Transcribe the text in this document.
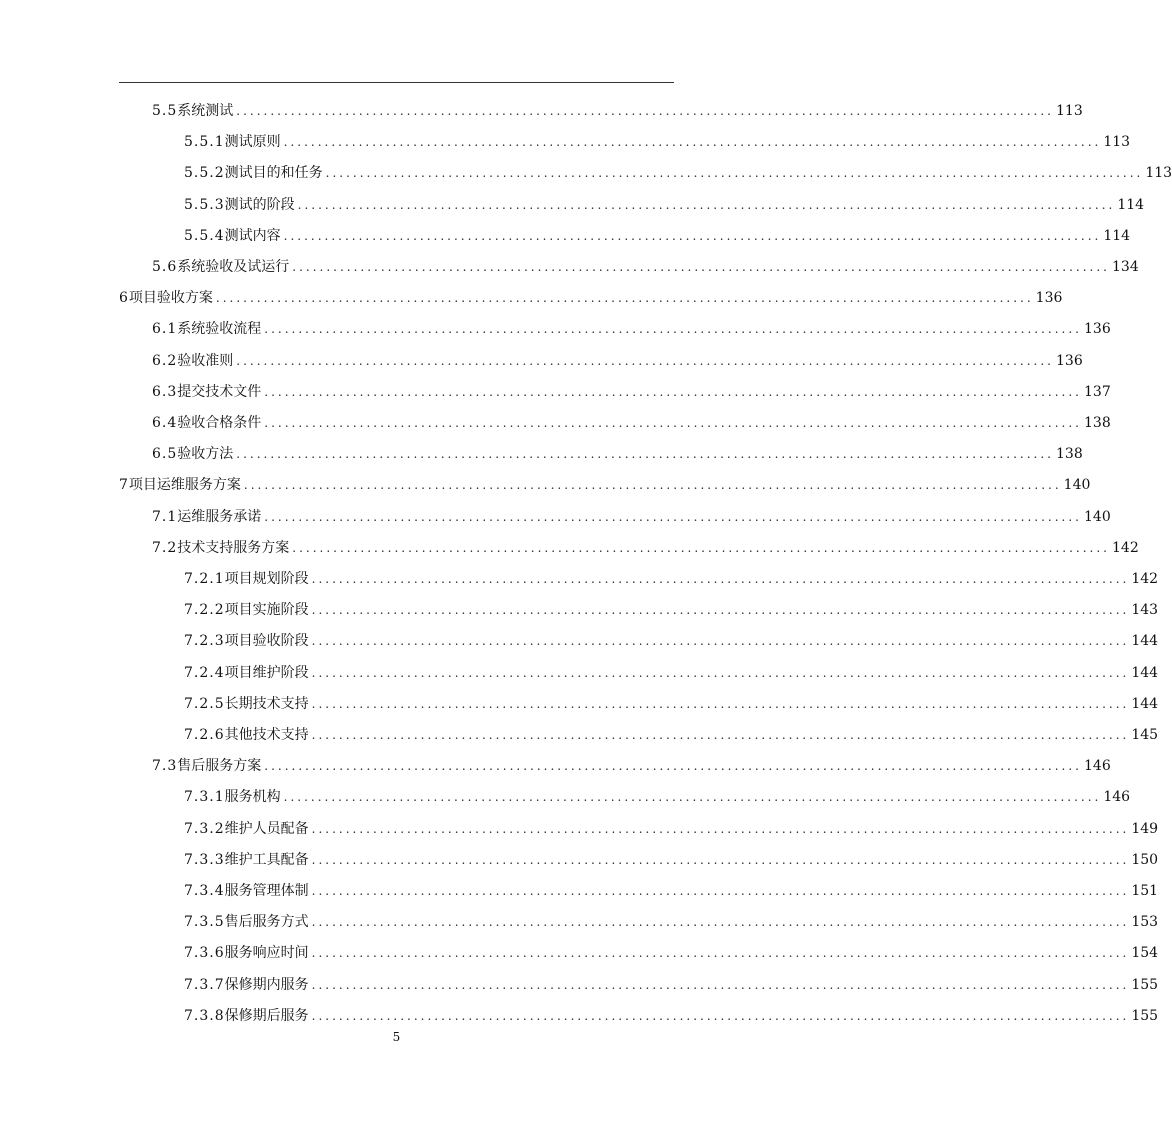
5.5 系统测试 ........................................................................................................................ 113
5.5.1 测试原则 ........................................................................................................................ 113
5.5.2 测试目的和任务 ........................................................................................................................ 113
5.5.3 测试的阶段 ........................................................................................................................ 114
5.5.4 测试内容 ........................................................................................................................ 114
5.6 系统验收及试运行 ........................................................................................................................ 134
6 项目验收方案 ........................................................................................................................ 136
6.1 系统验收流程 ........................................................................................................................ 136
6.2 验收准则 ........................................................................................................................ 136
6.3 提交技术文件 ........................................................................................................................ 137
6.4 验收合格条件 ........................................................................................................................ 138
6.5 验收方法 ........................................................................................................................ 138
7 项目运维服务方案 ........................................................................................................................ 140
7.1 运维服务承诺 ........................................................................................................................ 140
7.2 技术支持服务方案 ........................................................................................................................ 142
7.2.1 项目规划阶段 ........................................................................................................................ 142
7.2.2 项目实施阶段 ........................................................................................................................ 143
7.2.3 项目验收阶段 ........................................................................................................................ 144
7.2.4 项目维护阶段 ........................................................................................................................ 144
7.2.5 长期技术支持 ........................................................................................................................ 144
7.2.6 其他技术支持 ........................................................................................................................ 145
7.3 售后服务方案 ........................................................................................................................ 146
7.3.1 服务机构 ........................................................................................................................ 146
7.3.2 维护人员配备 ........................................................................................................................ 149
7.3.3 维护工具配备 ........................................................................................................................ 150
7.3.4 服务管理体制 ........................................................................................................................ 151
7.3.5 售后服务方式 ........................................................................................................................ 153
7.3.6 服务响应时间 ........................................................................................................................ 154
7.3.7 保修期内服务 ........................................................................................................................ 155
7.3.8 保修期后服务 ........................................................................................................................ 155
5
